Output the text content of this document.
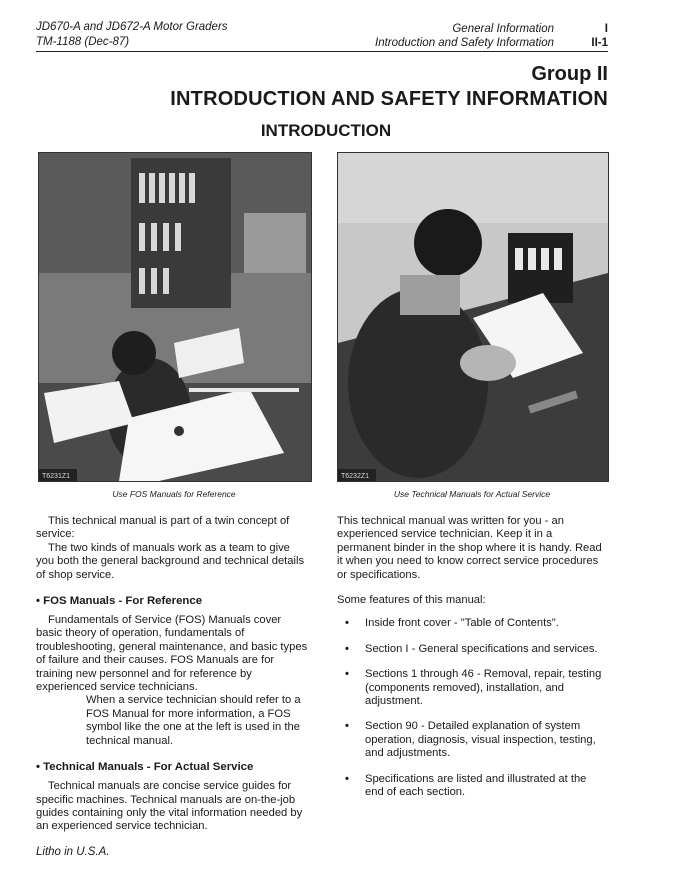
JD670-A and JD672-A Motor Graders
TM-1188 (Dec-87)
General Information
Introduction and Safety Information
I
II-1
Group II
INTRODUCTION AND SAFETY INFORMATION
INTRODUCTION
T6231Z1
Use FOS Manuals for Reference
T6232Z1
Use Technical Manuals for Actual Service

This technical manual is part of a twin concept of service:

The two kinds of manuals work as a team to give you both the general background and technical details of shop service.

• FOS Manuals - For Reference

Fundamentals of Service (FOS) Manuals cover basic theory of operation, fundamentals of troubleshooting, general maintenance, and basic types of failure and their causes. FOS Manuals are for training new personnel and for reference by experienced service technicians.

When a service technician should refer to a FOS Manual for more information, a FOS symbol like the one at the left is used in the technical manual.

• Technical Manuals - For Actual Service

Technical manuals are concise service guides for specific machines. Technical manuals are on-the-job guides containing only the vital information needed by an experienced service technician.

This technical manual was written for you - an experienced service technician. Keep it in a permanent binder in the shop where it is handy. Read it when you need to know correct service procedures or specifications.

Some features of this manual:

•	Inside front cover - "Table of Contents".
•	Section I - General specifications and services.
•	Sections 1 through 46 - Removal, repair, testing (components removed), installation, and adjustment.
•	Section 90 - Detailed explanation of system operation, diagnosis, visual inspection, testing, and adjustments.
•	Specifications are listed and illustrated at the end of each section.
Litho in U.S.A.
